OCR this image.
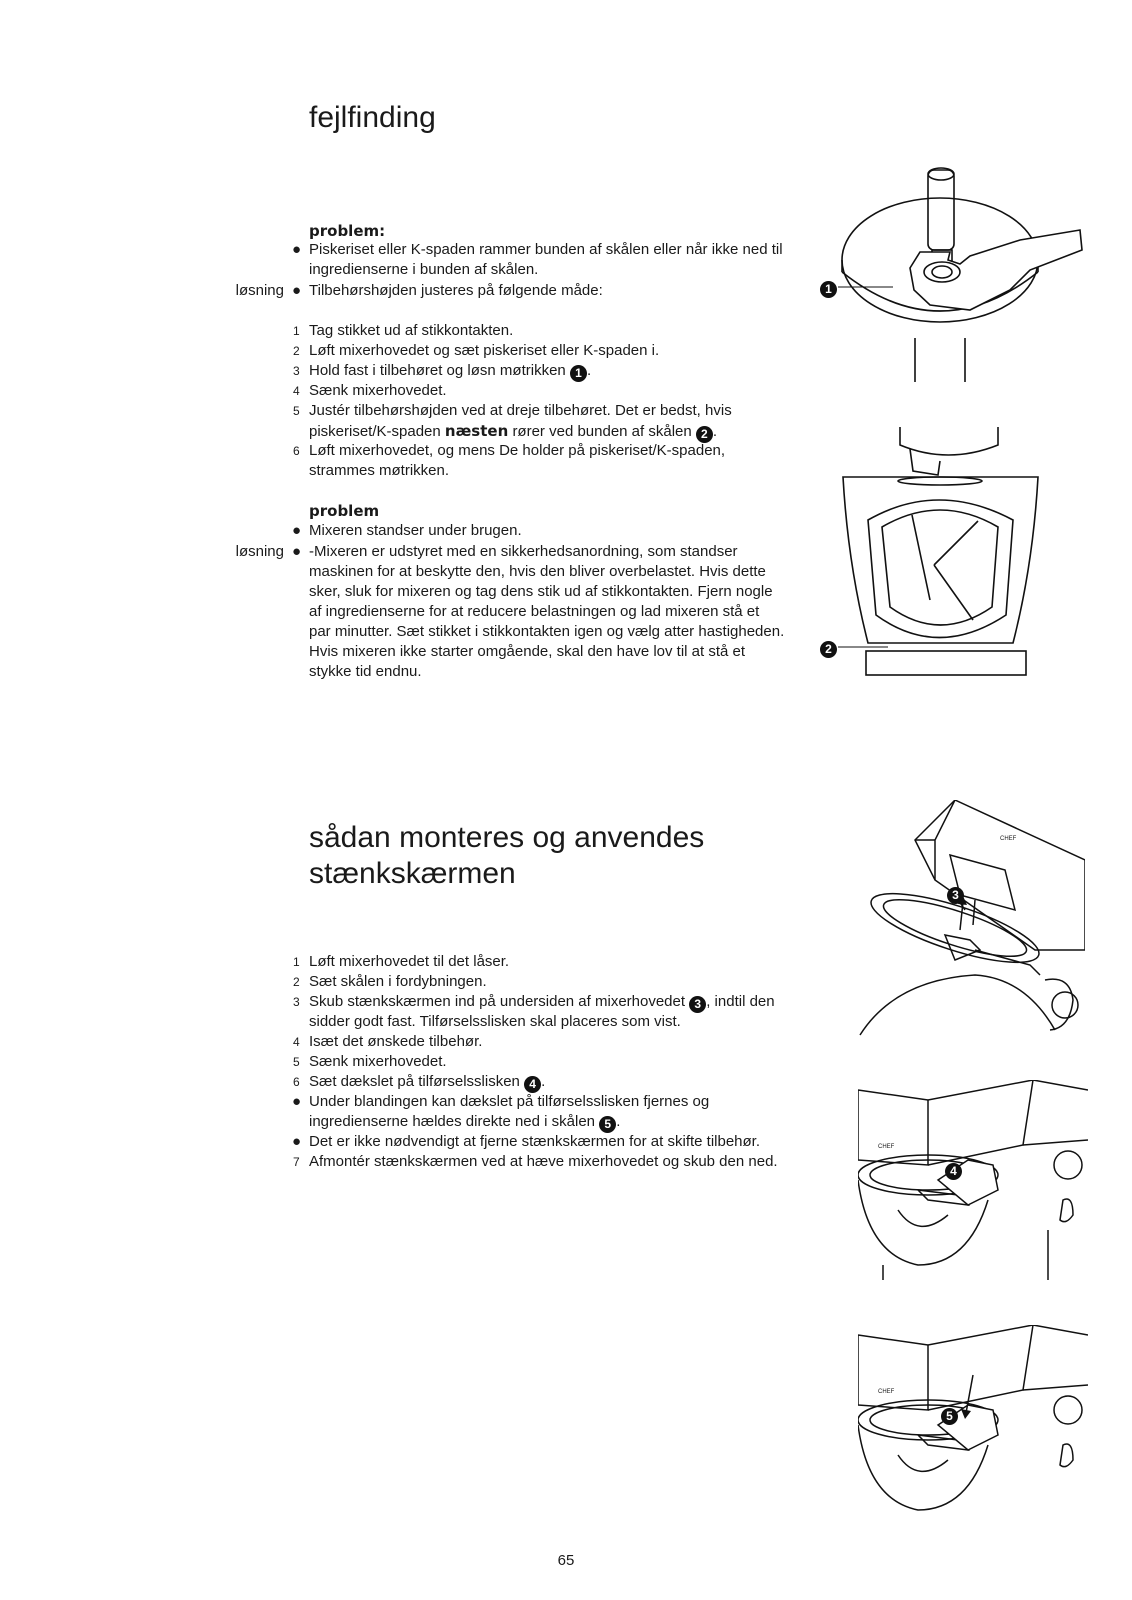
fejlfinding
problem:
● Piskeriset eller K-spaden rammer bunden af skålen eller når ikke ned til
ingredienserne i bunden af skålen.
løsning ● Tilbehørshøjden justeres på følgende måde:
1 Tag stikket ud af stikkontakten.
2 Løft mixerhovedet og sæt piskeriset eller K-spaden i.
3 Hold fast i tilbehøret og løsn møtrikken 1 .
4 Sænk mixerhovedet.
5 Justér tilbehørshøjden ved at dreje tilbehøret. Det er bedst, hvis
piskeriset/K-spaden næsten rører ved bunden af skålen 2 .
6 Løft mixerhovedet, og mens De holder på piskeriset/K-spaden,
strammes møtrikken.
problem
● Mixeren standser under brugen.
løsning ● -Mixeren er udstyret med en sikkerhedsanordning, som standser
maskinen for at beskytte den, hvis den bliver overbelastet. Hvis dette
sker, sluk for mixeren og tag dens stik ud af stikkontakten. Fjern nogle
af ingredienserne for at reducere belastningen og lad mixeren stå et
par minutter. Sæt stikket i stikkontakten igen og vælg atter hastigheden.
Hvis mixeren ikke starter omgående, skal den have lov til at stå et
stykke tid endnu.
1
2
sådan monteres og anvendes
stænkskærmen
1 Løft mixerhovedet til det låser.
2 Sæt skålen i fordybningen.
3 Skub stænkskærmen ind på undersiden af mixerhovedet 3 , indtil den
sidder godt fast. Tilførselsslisken skal placeres som vist.
4 Isæt det ønskede tilbehør.
5 Sænk mixerhovedet.
6 Sæt dækslet på tilførselsslisken 4 .
● Under blandingen kan dækslet på tilførselsslisken fjernes og
ingredienserne hældes direkte ned i skålen 5 .
● Det er ikke nødvendigt at fjerne stænkskærmen for at skifte tilbehør.
7 Afmontér stænkskærmen ved at hæve mixerhovedet og skub den ned.
3
CHEF
4
CHEF
5
CHEF
65
